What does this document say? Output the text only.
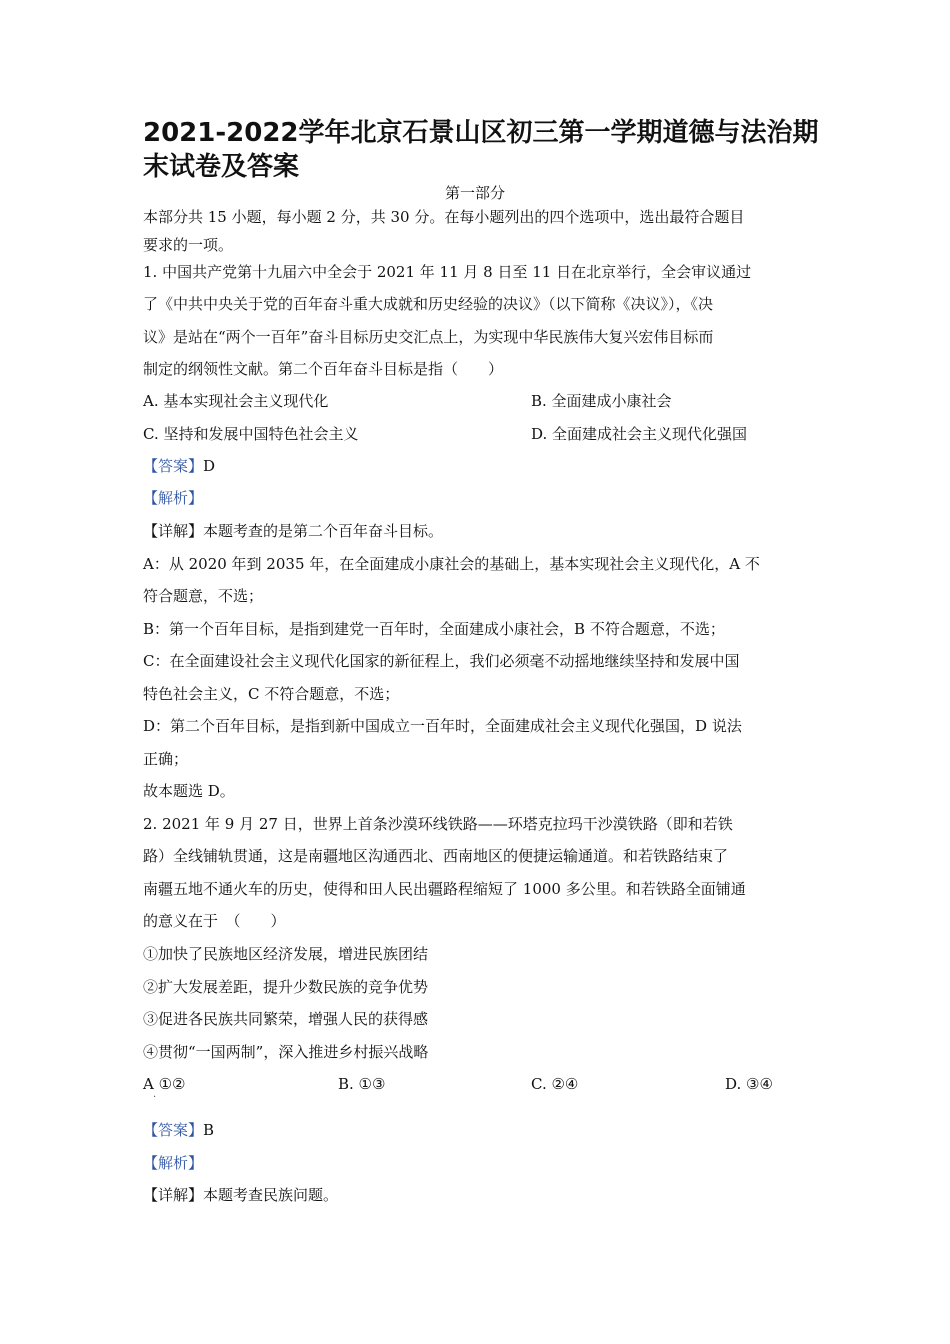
2021-2022学年北京石景山区初三第一学期道德与法治期末试卷及答案
第一部分
本部分共 15 小题，每小题 2 分，共 30 分。在每小题列出的四个选项中，选出最符合题目
要求的一项。
1. 中国共产党第十九届六中全会于 2021 年 11 月 8 日至 11 日在北京举行，全会审议通过
了《中共中央关于党的百年奋斗重大成就和历史经验的决议》（以下简称《决议》），《决
议》是站在“两个一百年”奋斗目标历史交汇点上，为实现中华民族伟大复兴宏伟目标而
制定的纲领性文献。第二个百年奋斗目标是指（　　）
A. 基本实现社会主义现代化	B. 全面建成小康社会
C. 坚持和发展中国特色社会主义	D. 全面建成社会主义现代化强国
【答案】D
【解析】
【详解】本题考查的是第二个百年奋斗目标。
A：从 2020 年到 2035 年，在全面建成小康社会的基础上，基本实现社会主义现代化，A 不
符合题意，不选；
B：第一个百年目标，是指到建党一百年时，全面建成小康社会，B 不符合题意，不选；
C：在全面建设社会主义现代化国家的新征程上，我们必须毫不动摇地继续坚持和发展中国
特色社会主义，C 不符合题意，不选；
D：第二个百年目标，是指到新中国成立一百年时，全面建成社会主义现代化强国，D 说法
正确；
故本题选 D。
2. 2021 年 9 月 27 日，世界上首条沙漠环线铁路——环塔克拉玛干沙漠铁路（即和若铁
路）全线铺轨贯通，这是南疆地区沟通西北、西南地区的便捷运输通道。和若铁路结束了
南疆五地不通火车的历史，使得和田人民出疆路程缩短了 1000 多公里。和若铁路全面铺通
的意义在于　（　　）
①加快了民族地区经济发展，增进民族团结
②扩大发展差距，提升少数民族的竞争优势
③促进各民族共同繁荣，增强人民的获得感
④贯彻“一国两制”，深入推进乡村振兴战略
A ①②	B. ①③	C. ②④	D. ③④
·
【答案】B
【解析】
【详解】本题考查民族问题。
